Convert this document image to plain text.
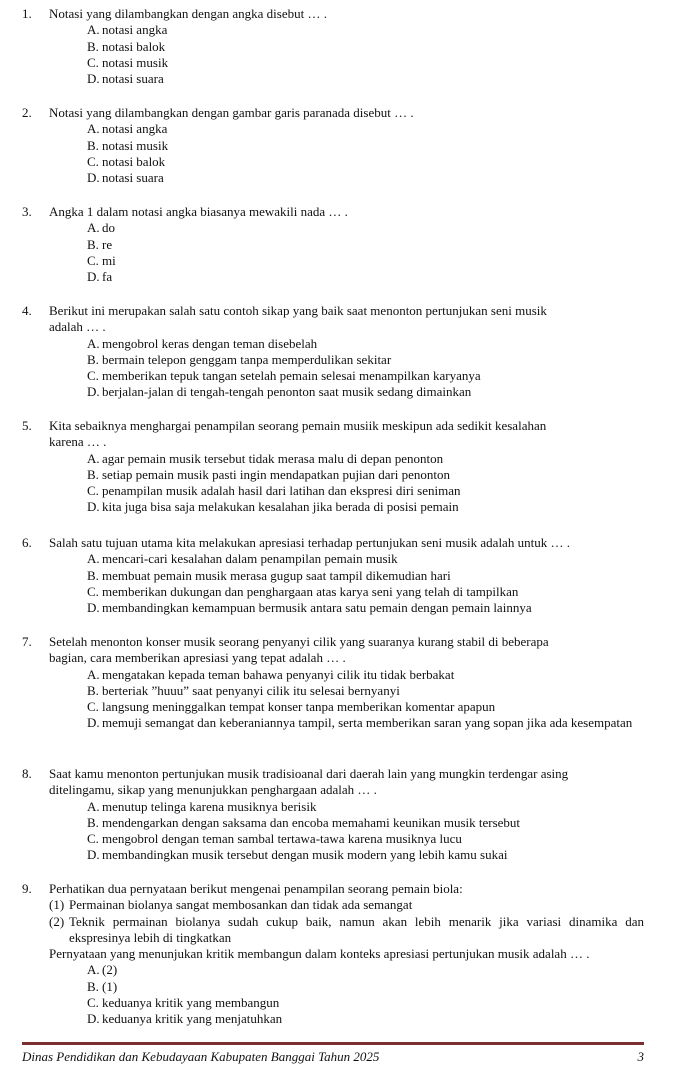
1.	Notasi yang dilambangkan dengan angka disebut … .
A. notasi angka
B. notasi balok
C. notasi musik
D. notasi suara
2.	Notasi yang dilambangkan dengan gambar garis paranada disebut … .
A. notasi angka
B. notasi musik
C. notasi balok
D. notasi suara
3.	Angka 1 dalam notasi angka biasanya mewakili nada … .
A. do
B. re
C. mi
D. fa
4.	Berikut ini merupakan salah satu contoh sikap yang baik saat menonton pertunjukan seni musik
adalah … .
A. mengobrol keras dengan teman disebelah
B. bermain telepon genggam tanpa memperdulikan sekitar
C. memberikan tepuk tangan setelah pemain selesai menampilkan karyanya
D. berjalan-jalan di tengah-tengah penonton saat musik sedang dimainkan
5.	Kita sebaiknya menghargai penampilan seorang pemain musiik meskipun ada sedikit kesalahan
karena … .
A. agar pemain musik tersebut tidak merasa malu di depan penonton
B. setiap pemain musik pasti ingin mendapatkan pujian dari penonton
C. penampilan musik adalah hasil dari latihan dan ekspresi diri seniman
D. kita juga bisa saja melakukan kesalahan jika berada di posisi pemain
6.	Salah satu tujuan utama kita melakukan apresiasi terhadap pertunjukan seni musik adalah untuk … .
A. mencari-cari kesalahan dalam penampilan pemain musik
B. membuat pemain musik merasa gugup saat tampil dikemudian hari
C. memberikan dukungan dan penghargaan atas karya seni yang telah di tampilkan
D. membandingkan kemampuan bermusik antara satu pemain dengan pemain lainnya
7.	Setelah menonton konser musik seorang penyanyi cilik yang suaranya kurang stabil di beberapa
bagian, cara memberikan apresiasi yang tepat adalah … .
A. mengatakan kepada teman bahawa penyanyi cilik itu tidak berbakat
B. berteriak ”huuu” saat penyanyi cilik itu selesai bernyanyi
C. langsung meninggalkan tempat konser tanpa memberikan komentar apapun
D. memuji semangat dan keberaniannya tampil, serta memberikan saran yang sopan jika ada kesempatan
8.	Saat kamu menonton pertunjukan musik tradisioanal dari daerah lain yang mungkin terdengar asing
ditelingamu, sikap yang menunjukkan penghargaan adalah … .
A. menutup telinga karena musiknya berisik
B. mendengarkan dengan saksama dan encoba memahami keunikan musik tersebut
C. mengobrol dengan teman sambal tertawa-tawa karena musiknya lucu
D. membandingkan musik tersebut dengan musik modern yang lebih kamu sukai
9.	Perhatikan dua pernyataan berikut mengenai penampilan seorang pemain biola:
(1) Permainan biolanya sangat membosankan dan tidak ada semangat
(2) Teknik permainan biolanya sudah cukup baik, namun akan lebih menarik jika variasi dinamika dan ekspresinya lebih di tingkatkan
Pernyataan yang menunjukan kritik membangun dalam konteks apresiasi pertunjukan musik adalah … .
A. (2)
B. (1)
C. keduanya kritik yang membangun
D. keduanya kritik yang menjatuhkan
Dinas Pendidikan dan Kebudayaan Kabupaten Banggai Tahun 2025	3
